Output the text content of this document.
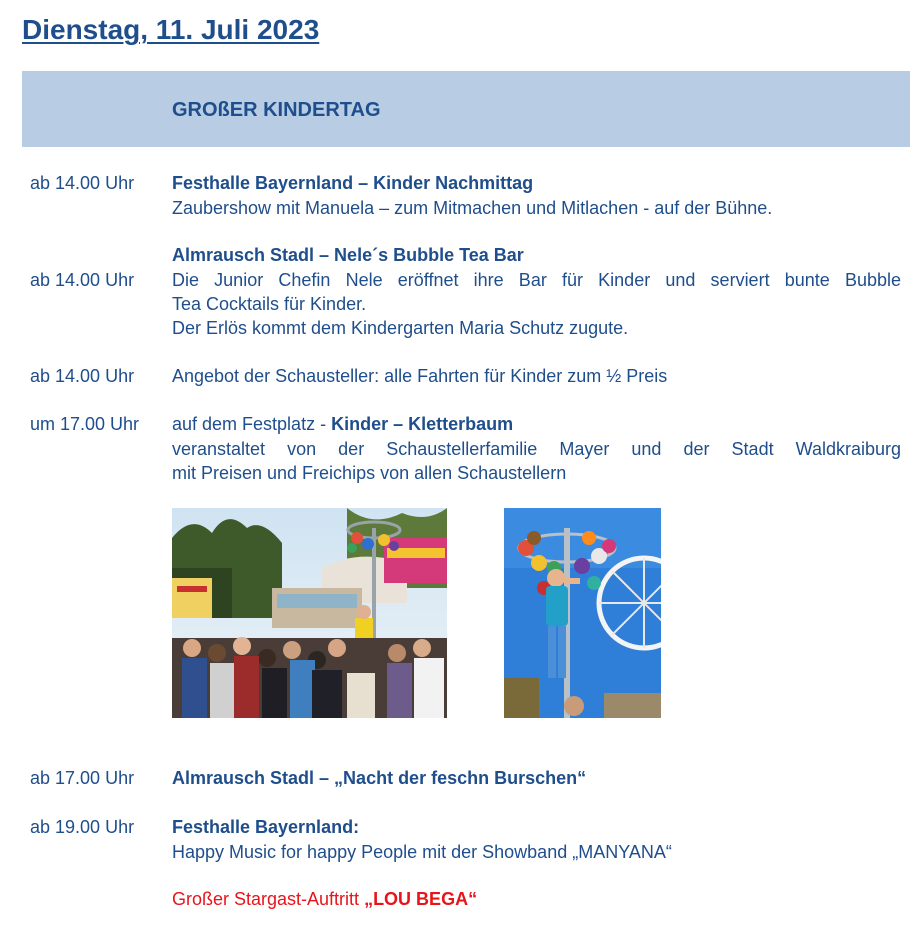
Dienstag, 11. Juli 2023
GROßER KINDERTAG
ab 14.00 Uhr Festhalle Bayernland – Kinder Nachmittag
Zaubershow mit Manuela – zum Mitmachen und Mitlachen - auf der Bühne.
Almrausch Stadl – Nele´s Bubble Tea Bar
ab 14.00 Uhr Die Junior Chefin Nele eröffnet ihre Bar für Kinder und serviert bunte Bubble
Tea Cocktails für Kinder.
Der Erlös kommt dem Kindergarten Maria Schutz zugute.
ab 14.00 Uhr Angebot der Schausteller: alle Fahrten für Kinder zum ½ Preis
um 17.00 Uhr auf dem Festplatz - Kinder – Kletterbaum
veranstaltet von der Schaustellerfamilie Mayer und der Stadt Waldkraiburg
mit Preisen und Freichips von allen Schaustellern
ab 17.00 Uhr Almrausch Stadl – „Nacht der feschn Burschen“
ab 19.00 Uhr Festhalle Bayernland:
Happy Music for happy People mit der Showband „MANYANA“
Großer Stargast-Auftritt „LOU BEGA“
